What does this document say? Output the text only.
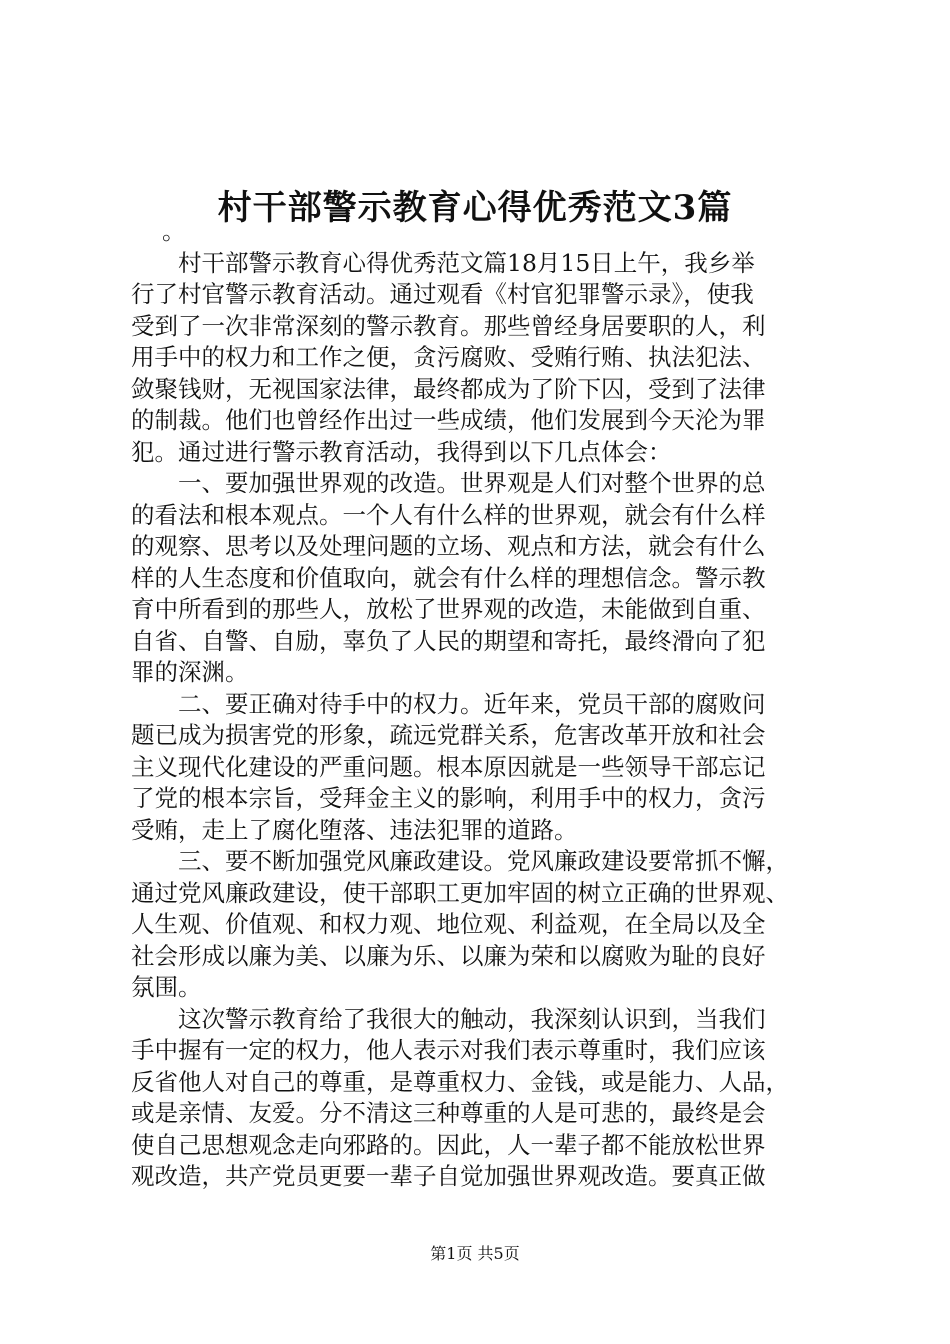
村干部警示教育心得优秀范文3篇
　 。
　　村干部警示教育心得优秀范文篇18月15日上午，我乡举
行了村官警示教育活动。通过观看《村官犯罪警示录》，使我
受到了一次非常深刻的警示教育。那些曾经身居要职的人，利
用手中的权力和工作之便，贪污腐败、受贿行贿、执法犯法、
敛聚钱财，无视国家法律，最终都成为了阶下囚，受到了法律
的制裁。他们也曾经作出过一些成绩，他们发展到今天沦为罪
犯。通过进行警示教育活动，我得到以下几点体会：
　　一、要加强世界观的改造。世界观是人们对整个世界的总
的看法和根本观点。一个人有什么样的世界观，就会有什么样
的观察、思考以及处理问题的立场、观点和方法，就会有什么
样的人生态度和价值取向，就会有什么样的理想信念。警示教
育中所看到的那些人，放松了世界观的改造，未能做到自重、
自省、自警、自励，辜负了人民的期望和寄托，最终滑向了犯
罪的深渊。
　　二、要正确对待手中的权力。近年来，党员干部的腐败问
题已成为损害党的形象，疏远党群关系，危害改革开放和社会
主义现代化建设的严重问题。根本原因就是一些领导干部忘记
了党的根本宗旨，受拜金主义的影响，利用手中的权力，贪污
受贿，走上了腐化堕落、违法犯罪的道路。
　　三、要不断加强党风廉政建设。党风廉政建设要常抓不懈，
通过党风廉政建设，使干部职工更加牢固的树立正确的世界观、
人生观、价值观、和权力观、地位观、利益观，在全局以及全
社会形成以廉为美、以廉为乐、以廉为荣和以腐败为耻的良好
氛围。
　　这次警示教育给了我很大的触动，我深刻认识到，当我们
手中握有一定的权力，他人表示对我们表示尊重时，我们应该
反省他人对自己的尊重，是尊重权力、金钱，或是能力、人品，
或是亲情、友爱。分不清这三种尊重的人是可悲的，最终是会
使自己思想观念走向邪路的。因此，人一辈子都不能放松世界
观改造，共产党员更要一辈子自觉加强世界观改造。要真正做
第1页 共5页
